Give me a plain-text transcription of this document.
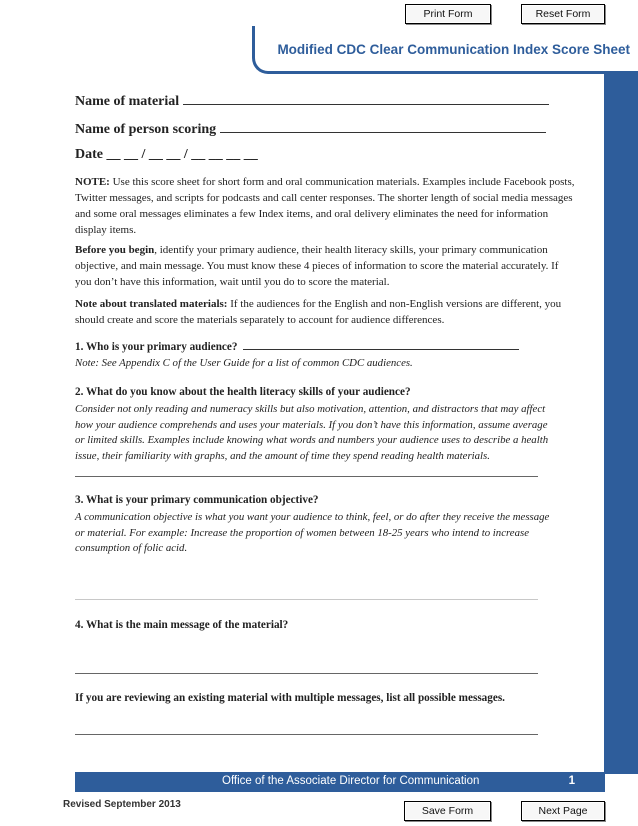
Print Form	Reset Form
Modified CDC Clear Communication Index Score Sheet
Name of material
Name of person scoring
Date __ __ / __ __ / __ __ __ __

NOTE: Use this score sheet for short form and oral communication materials. Examples include Facebook posts, Twitter messages, and scripts for podcasts and call center responses. The shorter length of social media messages and some oral messages eliminates a few Index items, and oral delivery eliminates the need for information display items.

Before you begin, identify your primary audience, their health literacy skills, your primary communication objective, and main message. You must know these 4 pieces of information to score the material accurately. If you don’t have this information, wait until you do to score the material.

Note about translated materials: If the audiences for the English and non-English versions are different, you should create and score the materials separately to account for audience differences.

1. Who is your primary audience?
Note: See Appendix C of the User Guide for a list of common CDC audiences.
2. What do you know about the health literacy skills of your audience?
Consider not only reading and numeracy skills but also motivation, attention, and distractors that may affect how your audience comprehends and uses your materials. If you don’t have this information, assume average or limited skills. Examples include knowing what words and numbers your audience uses to describe a health issue, their familiarity with graphs, and the amount of time they spend reading health materials.
3. What is your primary communication objective?
A communication objective is what you want your audience to think, feel, or do after they receive the message or material. For example: Increase the proportion of women between 18-25 years who intend to increase consumption of folic acid.
4. What is the main message of the material?
If you are reviewing an existing material with multiple messages, list all possible messages.
Office of the Associate Director for Communication	1
Revised September 2013
Save Form	Next Page
